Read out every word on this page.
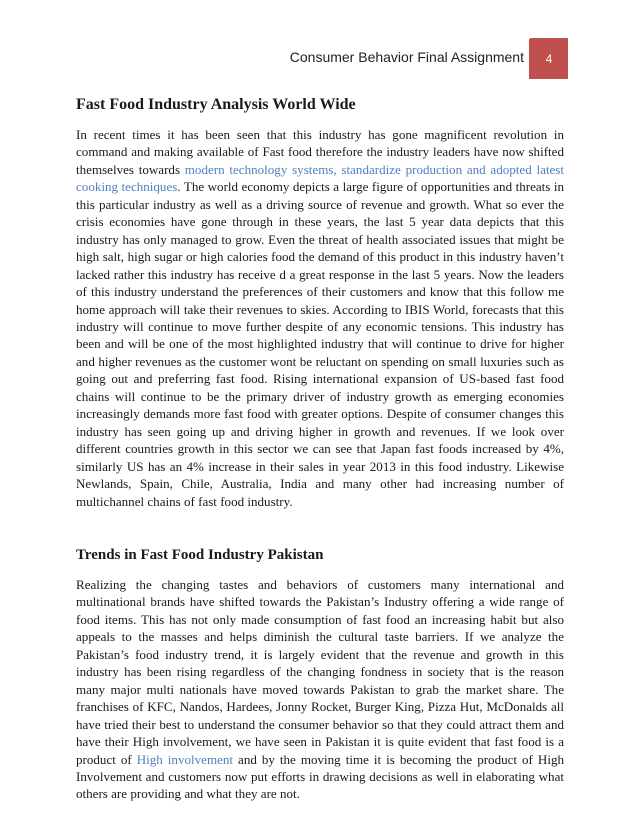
Consumer Behavior Final Assignment	4
Fast Food Industry Analysis World Wide

In recent times it has been seen that this industry has gone magnificent revolution in command and making available of Fast food therefore the industry leaders have now shifted themselves towards modern technology systems, standardize production and adopted latest cooking techniques. The world economy depicts a large figure of opportunities and threats in this particular industry as well as a driving source of revenue and growth. What so ever the crisis economies have gone through in these years, the last 5 year data depicts that this industry has only managed to grow. Even the threat of health associated issues that might be high salt, high sugar or high calories food the demand of this product in this industry haven’t lacked rather this industry has receive d a great response in the last 5 years. Now the leaders of this industry understand the preferences of their customers and know that this follow me home approach will take their revenues to skies. According to IBIS World, forecasts that this industry will continue to move further despite of any economic tensions. This industry has been and will be one of the most highlighted industry that will continue to drive for higher and higher revenues as the customer wont be reluctant on spending on small luxuries such as going out and preferring fast food. Rising international expansion of US-based fast food chains will continue to be the primary driver of industry growth as emerging economies increasingly demands more fast food with greater options. Despite of consumer changes this industry has seen going up and driving higher in growth and revenues. If we look over different countries growth in this sector we can see that Japan fast foods increased by 4%, similarly US has an 4% increase in their sales in year 2013 in this food industry. Likewise Newlands, Spain, Chile, Australia, India and many other had increasing number of multichannel chains of fast food industry.

Trends in Fast Food Industry Pakistan

Realizing the changing tastes and behaviors of customers many international and multinational brands have shifted towards the Pakistan’s Industry offering a wide range of food items. This has not only made consumption of fast food an increasing habit but also appeals to the masses and helps diminish the cultural taste barriers. If we analyze the Pakistan’s food industry trend, it is largely evident that the revenue and growth in this industry has been rising regardless of the changing fondness in society that is the reason many major multi nationals have moved towards Pakistan to grab the market share. The franchises of KFC, Nandos, Hardees, Jonny Rocket, Burger King, Pizza Hut, McDonalds all have tried their best to understand the consumer behavior so that they could attract them and have their High involvement, we have seen in Pakistan it is quite evident that fast food is a product of High involvement and by the moving time it is becoming the product of High Involvement and customers now put efforts in drawing decisions as well in elaborating what others are providing and what they are not.
